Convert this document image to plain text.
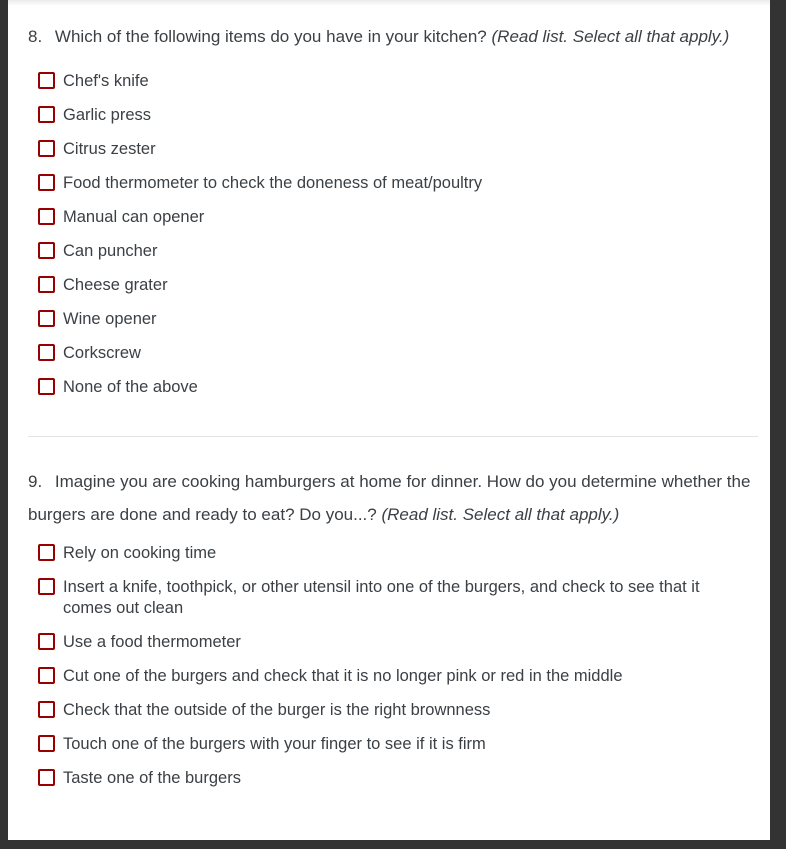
8. Which of the following items do you have in your kitchen? (Read list. Select all that apply.)

Chef's knife
Garlic press
Citrus zester
Food thermometer to check the doneness of meat/poultry
Manual can opener
Can puncher
Cheese grater
Wine opener
Corkscrew
None of the above

9. Imagine you are cooking hamburgers at home for dinner. How do you determine whether the burgers are done and ready to eat? Do you...? (Read list. Select all that apply.)

Rely on cooking time
Insert a knife, toothpick, or other utensil into one of the burgers, and check to see that it comes out clean
Use a food thermometer
Cut one of the burgers and check that it is no longer pink or red in the middle
Check that the outside of the burger is the right brownness
Touch one of the burgers with your finger to see if it is firm
Taste one of the burgers
